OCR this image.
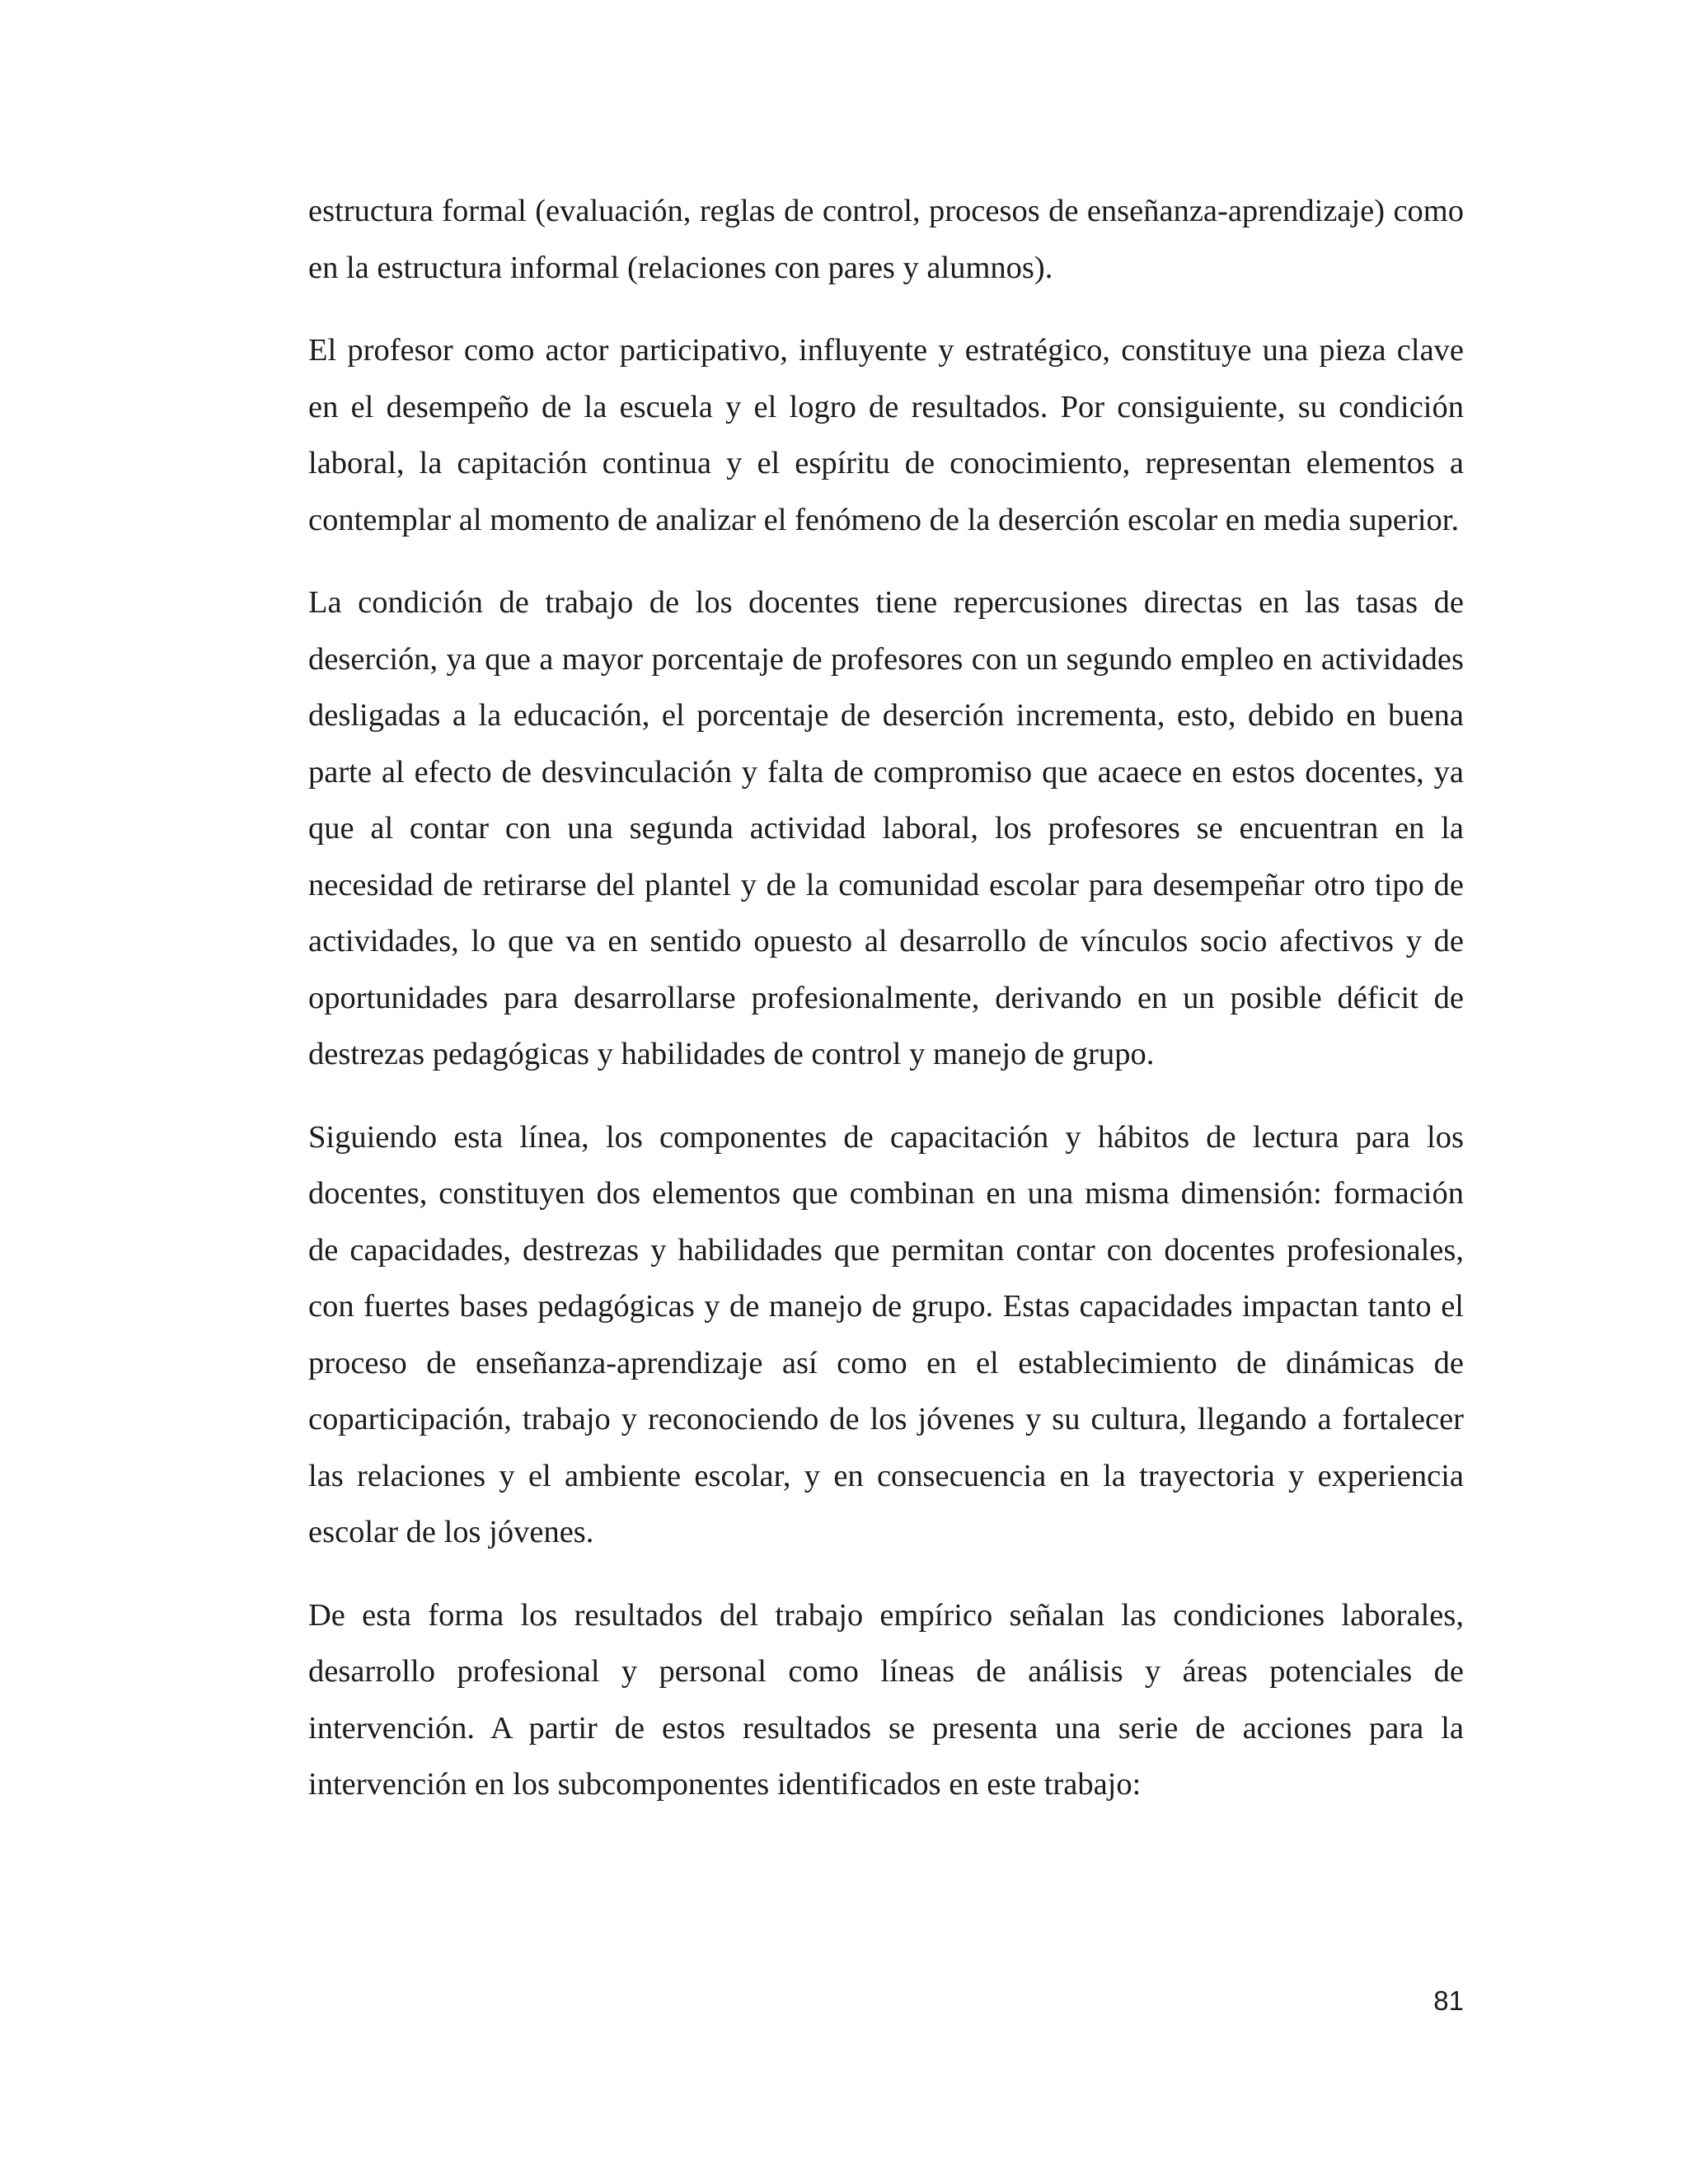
estructura formal (evaluación, reglas de control, procesos de enseñanza-aprendizaje) como en la estructura informal (relaciones con pares y alumnos).

El profesor como actor participativo, influyente y estratégico, constituye una pieza clave en el desempeño de la escuela y el logro de resultados. Por consiguiente, su condición laboral, la capitación continua y el espíritu de conocimiento, representan elementos a contemplar al momento de analizar el fenómeno de la deserción escolar en media superior.

La condición de trabajo de los docentes tiene repercusiones directas en las tasas de deserción, ya que a mayor porcentaje de profesores con un segundo empleo en actividades desligadas a la educación, el porcentaje de deserción incrementa, esto, debido en buena parte al efecto de desvinculación y falta de compromiso que acaece en estos docentes, ya que al contar con una segunda actividad laboral, los profesores se encuentran en la necesidad de retirarse del plantel y de la comunidad escolar para desempeñar otro tipo de actividades, lo que va en sentido opuesto al desarrollo de vínculos socio afectivos y de oportunidades para desarrollarse profesionalmente, derivando en un posible déficit de destrezas pedagógicas y habilidades de control y manejo de grupo.

Siguiendo esta línea, los componentes de capacitación y hábitos de lectura para los docentes, constituyen dos elementos que combinan en una misma dimensión: formación de capacidades, destrezas y habilidades que permitan contar con docentes profesionales, con fuertes bases pedagógicas y de manejo de grupo. Estas capacidades impactan tanto el proceso de enseñanza-aprendizaje así como en el establecimiento de dinámicas de coparticipación, trabajo y reconociendo de los jóvenes y su cultura, llegando a fortalecer las relaciones y el ambiente escolar, y en consecuencia en la trayectoria y experiencia escolar de los jóvenes.

De esta forma los resultados del trabajo empírico señalan las condiciones laborales, desarrollo profesional y personal como líneas de análisis y áreas potenciales de intervención. A partir de estos resultados se presenta una serie de acciones para la intervención en los subcomponentes identificados en este trabajo:

81
